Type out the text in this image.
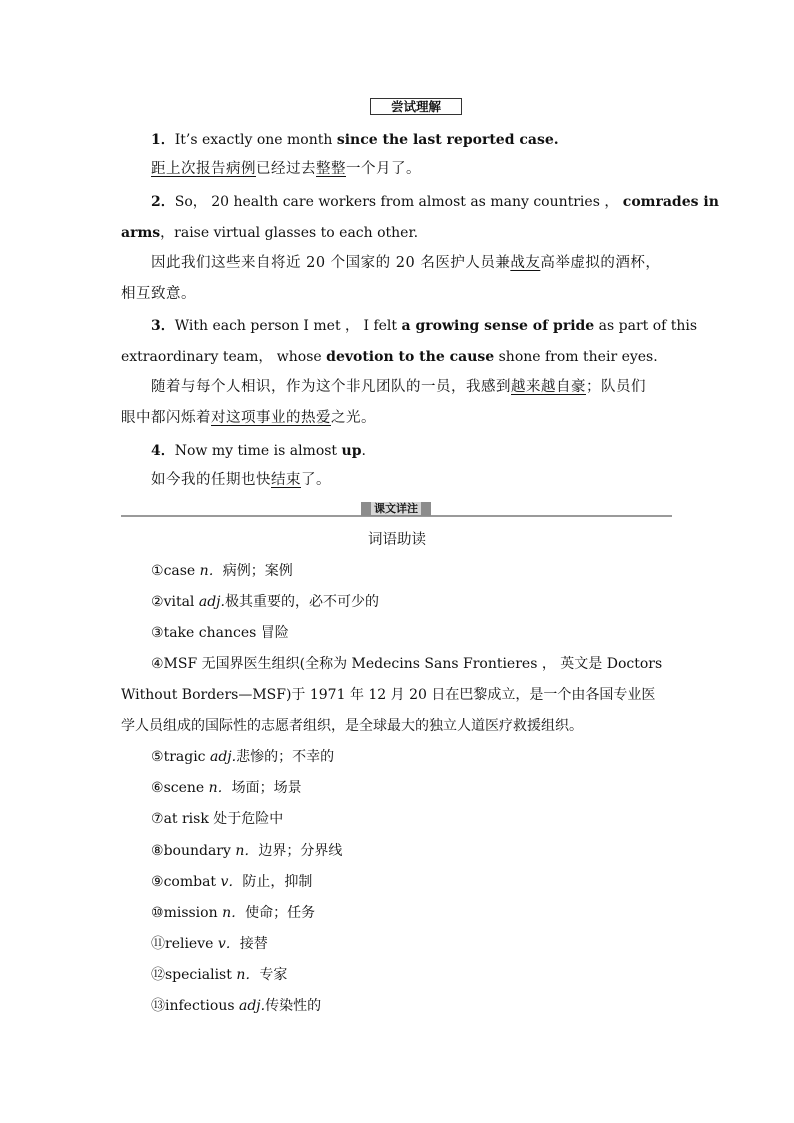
尝试理解
1．It’s exactly one month since the last reported case.
距上次报告病例已经过去整整一个月了。
2．So， 20 health care workers from almost as many countries ， comrades in
arms，raise virtual glasses to each other.
因此我们这些来自将近 20 个国家的 20 名医护人员兼战友高举虚拟的酒杯，
相互致意。
3．With each person I met ， I felt a growing sense of pride as part of this
extraordinary team， whose devotion to the cause shone from their eyes.
随着与每个人相识，作为这个非凡团队的一员，我感到越来越自豪；队员们
眼中都闪烁着对这项事业的热爱之光。
4．Now my time is almost up.
如今我的任期也快结束了。
课文详注
词语助读
①case n．病例；案例
②vital adj.极其重要的，必不可少的
③take chances 冒险
④MSF 无国界医生组织(全称为 Medecins Sans Frontieres ， 英文是 Doctors
Without Borders—MSF)于 1971 年 12 月 20 日在巴黎成立，是一个由各国专业医
学人员组成的国际性的志愿者组织，是全球最大的独立人道医疗救援组织。
⑤tragic adj.悲惨的；不幸的
⑥scene n．场面；场景
⑦at risk 处于危险中
⑧boundary n．边界；分界线
⑨combat v．防止，抑制
⑩mission n．使命；任务
⑪relieve v．接替
⑫specialist n．专家
⑬infectious adj.传染性的
